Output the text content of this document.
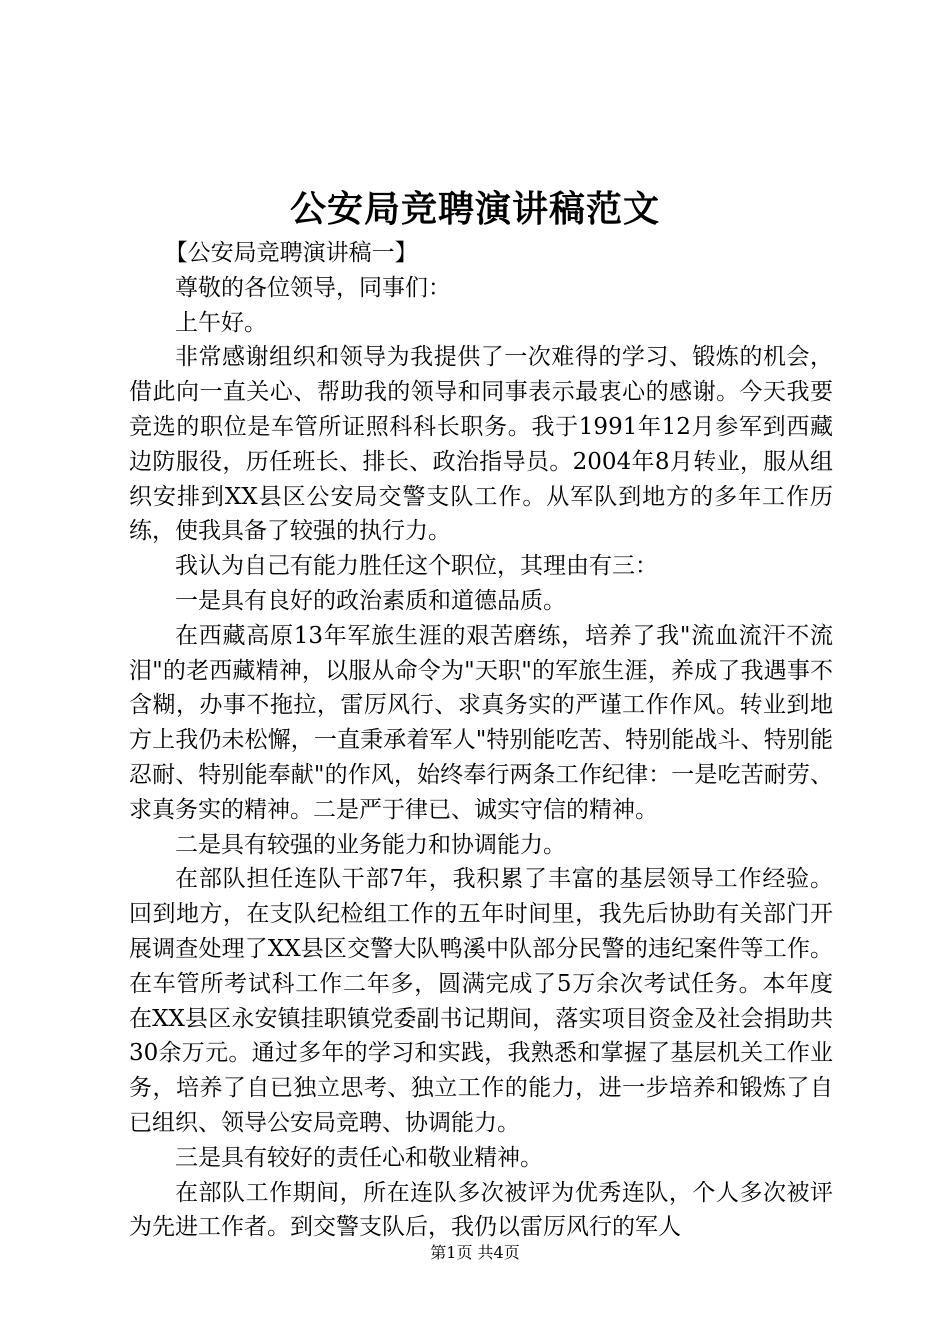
公安局竞聘演讲稿范文

【公安局竞聘演讲稿一】

尊敬的各位领导，同事们：

上午好。

非常感谢组织和领导为我提供了一次难得的学习、锻炼的机会，借此向一直关心、帮助我的领导和同事表示最衷心的感谢。今天我要竞选的职位是车管所证照科科长职务。我于1991年12月参军到西藏边防服役，历任班长、排长、政治指导员。2004年8月转业，服从组织安排到XX县区公安局交警支队工作。从军队到地方的多年工作历练，使我具备了较强的执行力。

我认为自己有能力胜任这个职位，其理由有三：

一是具有良好的政治素质和道德品质。

在西藏高原13年军旅生涯的艰苦磨练，培养了我"流血流汗不流泪"的老西藏精神，以服从命令为"天职"的军旅生涯，养成了我遇事不含糊，办事不拖拉，雷厉风行、求真务实的严谨工作作风。转业到地方上我仍未松懈，一直秉承着军人"特别能吃苦、特别能战斗、特别能忍耐、特别能奉献"的作风，始终奉行两条工作纪律：一是吃苦耐劳、求真务实的精神。二是严于律已、诚实守信的精神。

二是具有较强的业务能力和协调能力。

在部队担任连队干部7年，我积累了丰富的基层领导工作经验。回到地方，在支队纪检组工作的五年时间里，我先后协助有关部门开展调查处理了XX县区交警大队鸭溪中队部分民警的违纪案件等工作。在车管所考试科工作二年多，圆满完成了5万余次考试任务。本年度在XX县区永安镇挂职镇党委副书记期间，落实项目资金及社会捐助共30余万元。通过多年的学习和实践，我熟悉和掌握了基层机关工作业务，培养了自已独立思考、独立工作的能力，进一步培养和锻炼了自已组织、领导公安局竞聘、协调能力。

三是具有较好的责任心和敬业精神。

在部队工作期间，所在连队多次被评为优秀连队，个人多次被评为先进工作者。到交警支队后，我仍以雷厉风行的军人

第1页 共4页
